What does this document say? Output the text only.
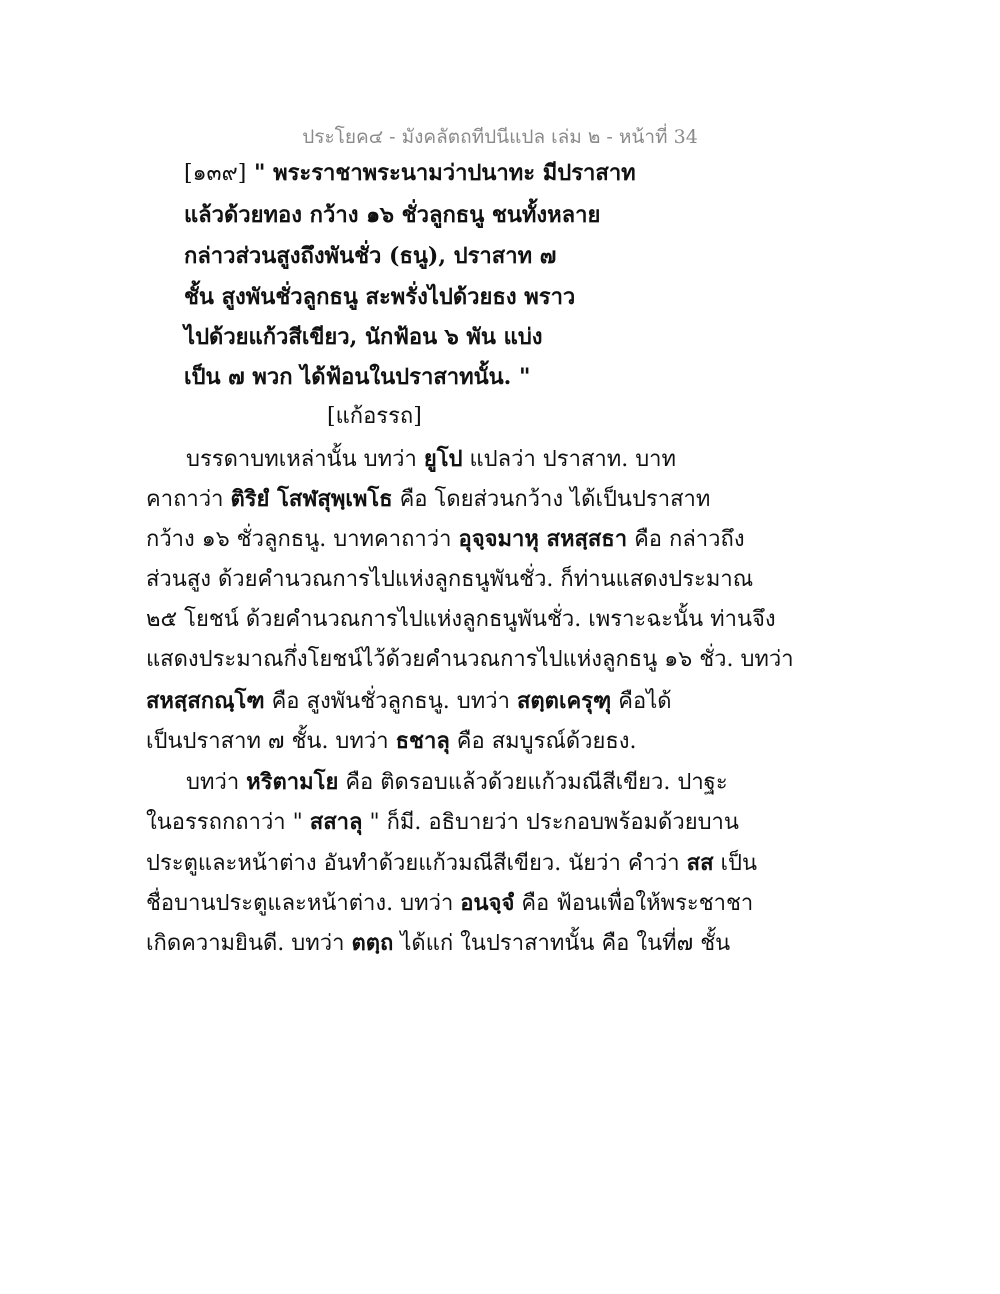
ประโยค๔ - มังคลัตถทีปนีแปล เล่ม ๒ - หน้าที่ 34
[๑๓๙] " พระราชาพระนามว่าปนาทะ มีปราสาท
แล้วด้วยทอง กว้าง ๑๖ ชั่วลูกธนู ชนทั้งหลาย
กล่าวส่วนสูงถึงพันชั่ว (ธนู), ปราสาท ๗
ชั้น สูงพันชั่วลูกธนู สะพรั่งไปด้วยธง พราว
ไปด้วยแก้วสีเขียว, นักฟ้อน ๖ พัน แบ่ง
เป็น ๗ พวก ได้ฟ้อนในปราสาทนั้น. "
[แก้อรรถ]
บรรดาบทเหล่านั้น บทว่า ยูโป แปลว่า ปราสาท. บาท
คาถาว่า ติริยํ โสฬสุพฺเพโธ คือ โดยส่วนกว้าง ได้เป็นปราสาท
กว้าง ๑๖ ชั่วลูกธนู. บาทคาถาว่า อุจฺจมาหุ สหสฺสธา คือ กล่าวถึง
ส่วนสูง ด้วยคำนวณการไปแห่งลูกธนูพันชั่ว. ก็ท่านแสดงประมาณ
๒๕ โยชน์ ด้วยคำนวณการไปแห่งลูกธนูพันชั่ว. เพราะฉะนั้น ท่านจึง
แสดงประมาณกึ่งโยชน์ไว้ด้วยคำนวณการไปแห่งลูกธนู ๑๖ ชั่ว. บทว่า
สหสฺสกณฺโฑ คือ สูงพันชั่วลูกธนู. บทว่า สตฺตเครุฑุ คือได้
เป็นปราสาท ๗ ชั้น. บทว่า ธชาลุ คือ สมบูรณ์ด้วยธง.
บทว่า หริตามโย คือ ติดรอบแล้วด้วยแก้วมณีสีเขียว. ปาฐะ
ในอรรถกถาว่า " สสาลุ " ก็มี. อธิบายว่า ประกอบพร้อมด้วยบาน
ประตูและหน้าต่าง อันทำด้วยแก้วมณีสีเขียว. นัยว่า คำว่า สส เป็น
ชื่อบานประตูและหน้าต่าง. บทว่า อนจฺจํ คือ ฟ้อนเพื่อให้พระชาชา
เกิดความยินดี. บทว่า ตตฺถ ได้แก่ ในปราสาทนั้น คือ ในที่๗ ชั้น
